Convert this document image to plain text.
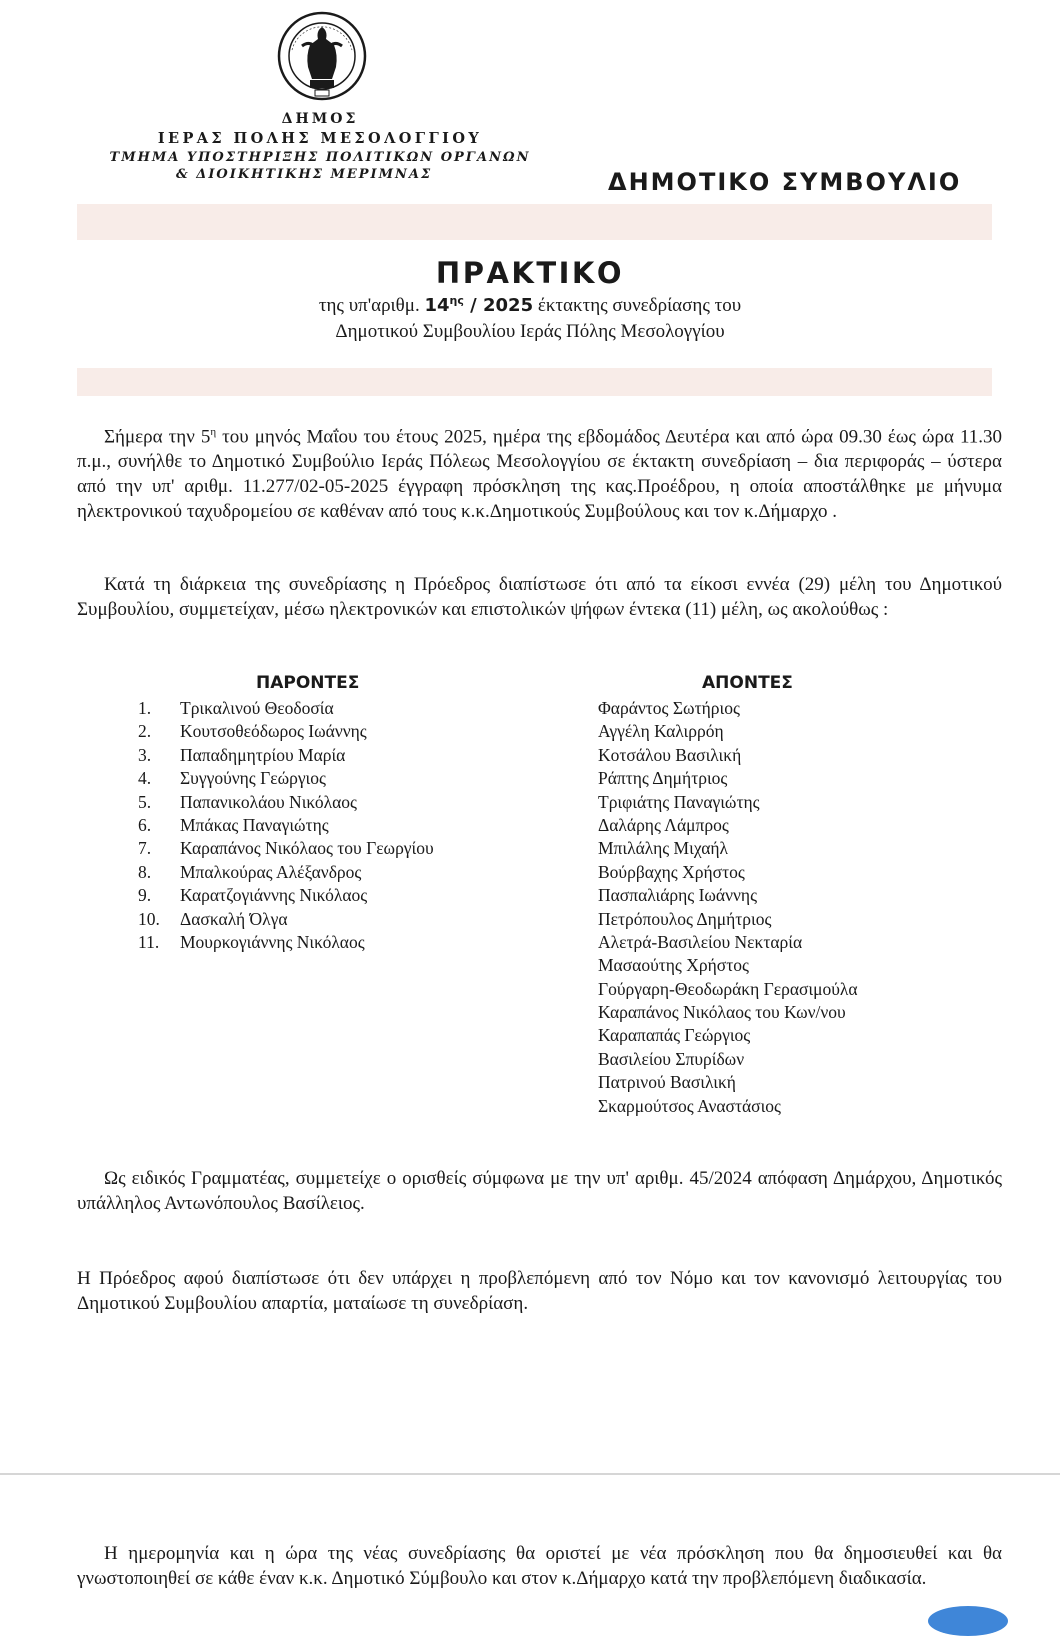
ΔΗΜΟΣ
ΙΕΡΑΣ ΠΟΛΗΣ ΜΕΣΟΛΟΓΓΙΟΥ
ΤΜΗΜΑ ΥΠΟΣΤΗΡΙΞΗΣ ΠΟΛΙΤΙΚΩΝ ΟΡΓΑΝΩΝ
& ΔΙΟΙΚΗΤΙΚΗΣ ΜΕΡΙΜΝΑΣ	ΔΗΜΟΤΙΚΟ ΣΥΜΒΟΥΛΙΟ
ΠΡΑΚΤΙΚΟ
της υπ'αριθμ. $14^{\eta\varsigma} / 2025$ έκτακτης συνεδρίασης του
Δημοτικού Συμβουλίου Ιεράς Πόλης Μεσολογγίου

Σήμερα την $5^\eta$ του μηνός Μαΐου του έτους 2025, ημέρα της εβδομάδος Δευτέρα και από ώρα 09.30 έως ώρα 11.30 π.μ., συνήλθε το Δημοτικό Συμβούλιο Ιεράς Πόλεως Μεσολογγίου σε έκτακτη συνεδρίαση – δια περιφοράς – ύστερα από την υπ' αριθμ. 11.277/02-05-2025 έγγραφη πρόσκληση της κας.Προέδρου, η οποία αποστάλθηκε με μήνυμα ηλεκτρονικού ταχυδρομείου σε καθέναν από τους κ.κ.Δημοτικούς Συμβούλους και τον κ.Δήμαρχο .

Κατά τη διάρκεια της συνεδρίασης η Πρόεδρος διαπίστωσε ότι από τα είκοσι εννέα (29) μέλη του Δημοτικού Συμβουλίου, συμμετείχαν, μέσω ηλεκτρονικών και επιστολικών ψήφων έντεκα (11) μέλη, ως ακολούθως :

ΠΑΡΟΝΤΕΣ	ΑΠΟΝΤΕΣ
1. Τρικαλινού Θεοδοσία
2. Κουτσοθεόδωρος Ιωάννης
3. Παπαδημητρίου Μαρία
4. Συγγούνης Γεώργιος
5. Παπανικολάου Νικόλαος
6. Μπάκας Παναγιώτης
7. Καραπάνος Νικόλαος του Γεωργίου
8. Μπαλκούρας Αλέξανδρος
9. Καρατζογιάννης Νικόλαος
10. Δασκαλή Όλγα
11. Μουρκογιάννης Νικόλαος
Φαράντος Σωτήριος
Αγγέλη Καλιρρόη
Κοτσάλου Βασιλική
Ράπτης Δημήτριος
Τριφιάτης Παναγιώτης
Δαλάρης Λάμπρος
Μπιλάλης Μιχαήλ
Βούρβαχης Χρήστος
Πασπαλιάρης Ιωάννης
Πετρόπουλος Δημήτριος
Αλετρά-Βασιλείου Νεκταρία
Μασαούτης Χρήστος
Γούργαρη-Θεοδωράκη Γερασιμούλα
Καραπάνος Νικόλαος του Κων/νου
Καραπαπάς Γεώργιος
Βασιλείου Σπυρίδων
Πατρινού Βασιλική
Σκαρμούτσος Αναστάσιος

Ως ειδικός Γραμματέας, συμμετείχε ο ορισθείς σύμφωνα με την υπ' αριθμ. 45/2024 απόφαση Δημάρχου, Δημοτικός υπάλληλος Αντωνόπουλος Βασίλειος.

Η Πρόεδρος αφού διαπίστωσε ότι δεν υπάρχει η προβλεπόμενη από τον Νόμο και τον κανονισμό λειτουργίας του Δημοτικού Συμβουλίου απαρτία, ματαίωσε τη συνεδρίαση.

Η ημερομηνία και η ώρα της νέας συνεδρίασης θα οριστεί με νέα πρόσκληση που θα δημοσιευθεί και θα γνωστοποιηθεί σε κάθε έναν κ.κ. Δημοτικό Σύμβουλο και στον κ.Δήμαρχο κατά την προβλεπόμενη διαδικασία.
